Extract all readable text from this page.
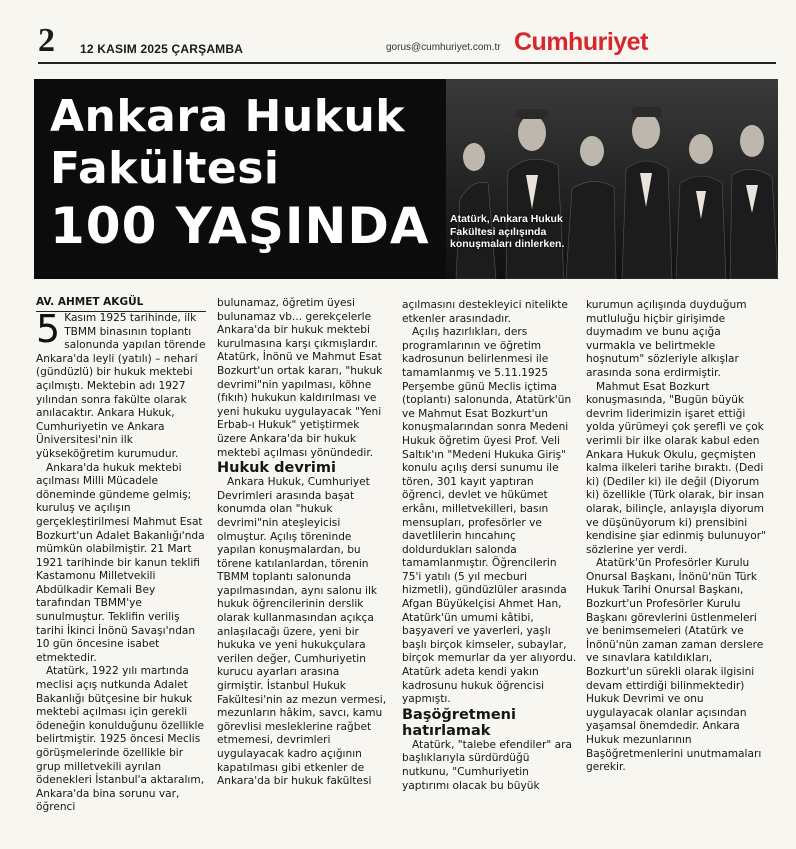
2 12 KASIM 2025 ÇARŞAMBA	gorus@cumhuriyet.com.tr Cumhuriyet
Ankara Hukuk
Fakültesi
100 YAŞINDA	Atatürk, Ankara Hukuk Fakültesi açılışında konuşmaları dinlerken.

AV. AHMET AKGÜL

5 Kasım 1925 tarihinde, ilk TBMM binasının toplantı salonunda yapılan törende Ankara'da leyli (yatılı) – nehari (gündüzlü) bir hukuk mektebi açılmıştı. Mektebin adı 1927 yılından sonra fakülte olarak anılacaktır. Ankara Hukuk, Cumhuriyetin ve Ankara Üniversitesi'nin ilk yükseköğretim kurumudur.

Ankara'da hukuk mektebi açılması Milli Mücadele döneminde gündeme gelmiş; kuruluş ve açılışın gerçekleştirilmesi Mahmut Esat Bozkurt'un Adalet Bakanlığı'nda mümkün olabilmiştir. 21 Mart 1921 tarihinde bir kanun teklifi Kastamonu Milletvekili Abdülkadir Kemali Bey tarafından TBMM'ye sunulmuştur. Teklifin veriliş tarihi İkinci İnönü Savaşı'ndan 10 gün öncesine isabet etmektedir.

Atatürk, 1922 yılı martında meclisi açış nutkunda Adalet Bakanlığı bütçesine bir hukuk mektebi açılması için gerekli ödeneğin konulduğunu özellikle belirtmiştir. 1925 öncesi Meclis görüşmelerinde özellikle bir grup milletvekili ayrılan ödenekleri İstanbul'a aktaralım, Ankara'da bina sorunu var, öğrenci

bulunamaz, öğretim üyesi bulunamaz vb... gerekçelerle Ankara'da bir hukuk mektebi kurulmasına karşı çıkmışlardır. Atatürk, İnönü ve Mahmut Esat Bozkurt'un ortak kararı, "hukuk devrimi"nin yapılması, köhne (fıkıh) hukukun kaldırılması ve yeni hukuku uygulayacak "Yeni Erbab-ı Hukuk" yetiştirmek üzere Ankara'da bir hukuk mektebi açılması yönündedir.

Hukuk devrimi

Ankara Hukuk, Cumhuriyet Devrimleri arasında başat konumda olan "hukuk devrimi"nin ateşleyicisi olmuştur. Açılış töreninde yapılan konuşmalardan, bu törene katılanlardan, törenin TBMM toplantı salonunda yapılmasından, aynı salonu ilk hukuk öğrencilerinin derslik olarak kullanmasından açıkça anlaşılacağı üzere, yeni bir hukuka ve yeni hukukçulara verilen değer, Cumhuriyetin kurucu ayarları arasına girmiştir. İstanbul Hukuk Fakültesi'nin az mezun vermesi, mezunların hâkim, savcı, kamu görevlisi mesleklerine rağbet etmemesi, devrimleri uygulayacak kadro açığının kapatılması gibi etkenler de Ankara'da bir hukuk fakültesi

açılmasını destekleyici nitelikte etkenler arasındadır.

Açılış hazırlıkları, ders programlarının ve öğretim kadrosunun belirlenmesi ile tamamlanmış ve 5.11.1925 Perşembe günü Meclis içtima (toplantı) salonunda, Atatürk'ün ve Mahmut Esat Bozkurt'un konuşmalarından sonra Medeni Hukuk öğretim üyesi Prof. Veli Saltık'ın "Medeni Hukuka Giriş" konulu açılış dersi sunumu ile tören, 301 kayıt yaptıran öğrenci, devlet ve hükümet erkânı, milletvekilleri, basın mensupları, profesörler ve davetlilerin hıncahınç doldurdukları salonda tamamlanmıştır. Öğrencilerin 75'i yatılı (5 yıl mecburi hizmetli), gündüzlüler arasında Afgan Büyükelçisi Ahmet Han, Atatürk'ün umumi kâtibi, başyaveri ve yaverleri, yaşlı başlı birçok kimseler, subaylar, birçok memurlar da yer alıyordu. Atatürk adeta kendi yakın kadrosunu hukuk öğrencisi yapmıştı.

Başöğretmeni hatırlamak

Atatürk, "talebe efendiler" ara başlıklarıyla sürdürdüğü nutkunu, "Cumhuriyetin yaptırımı olacak bu büyük

kurumun açılışında duyduğum mutluluğu hiçbir girişimde duymadım ve bunu açığa vurmakla ve belirtmekle hoşnutum" sözleriyle alkışlar arasında sona erdirmiştir.

Mahmut Esat Bozkurt konuşmasında, "Bugün büyük devrim liderimizin işaret ettiği yolda yürümeyi çok şerefli ve çok verimli bir ilke olarak kabul eden Ankara Hukuk Okulu, geçmişten kalma ilkeleri tarihe bıraktı. (Dedi ki) (Dediler ki) ile değil (Diyorum ki) özellikle (Türk olarak, bir insan olarak, bilinçle, anlayışla diyorum ve düşünüyorum ki) prensibini kendisine şiar edinmiş bulunuyor" sözlerine yer verdi.

Atatürk'ün Profesörler Kurulu Onursal Başkanı, İnönü'nün Türk Hukuk Tarihi Onursal Başkanı, Bozkurt'un Profesörler Kurulu Başkanı görevlerini üstlenmeleri ve benimsemeleri (Atatürk ve İnönü'nün zaman zaman derslere ve sınavlara katıldıkları, Bozkurt'un sürekli olarak ilgisini devam ettirdiği bilinmektedir) Hukuk Devrimi ve onu uygulayacak olanlar açısından yaşamsal önemdedir. Ankara Hukuk mezunlarının Başöğretmenlerini unutmamaları gerekir.
